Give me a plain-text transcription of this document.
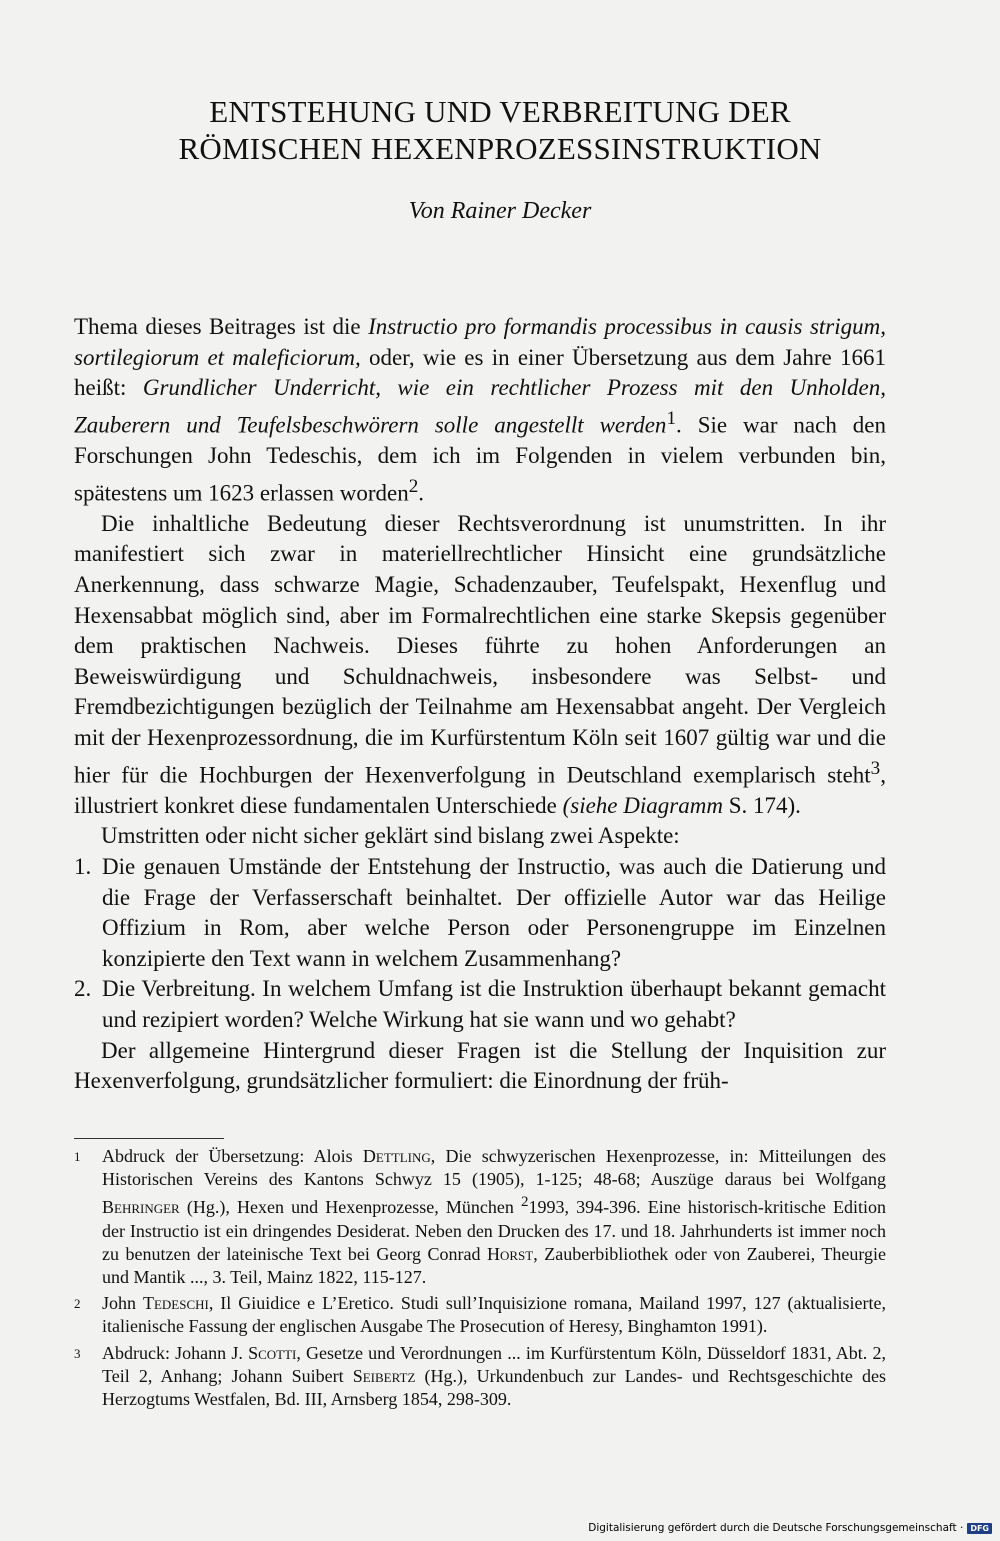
ENTSTEHUNG UND VERBREITUNG DER
RÖMISCHEN HEXENPROZESSINSTRUKTION
Von Rainer Decker

Thema dieses Beitrages ist die Instructio pro formandis processibus in causis strigum, sortilegiorum et maleficiorum, oder, wie es in einer Übersetzung aus dem Jahre 1661 heißt: Grundlicher Underricht, wie ein rechtlicher Prozess mit den Unholden, Zauberern und Teufelsbeschwörern solle angestellt werden$^1$. Sie war nach den Forschungen John Tedeschis, dem ich im Folgenden in vielem verbunden bin, spätestens um 1623 erlassen worden$^2$.

Die inhaltliche Bedeutung dieser Rechtsverordnung ist unumstritten. In ihr manifestiert sich zwar in materiellrechtlicher Hinsicht eine grundsätzliche Anerkennung, dass schwarze Magie, Schadenzauber, Teufelspakt, Hexenflug und Hexensabbat möglich sind, aber im Formalrechtlichen eine starke Skepsis gegenüber dem praktischen Nachweis. Dieses führte zu hohen Anforderungen an Beweiswürdigung und Schuldnachweis, insbesondere was Selbst- und Fremdbezichtigungen bezüglich der Teilnahme am Hexensabbat angeht. Der Vergleich mit der Hexenprozessordnung, die im Kurfürstentum Köln seit 1607 gültig war und die hier für die Hochburgen der Hexenverfolgung in Deutschland exemplarisch steht$^3$, illustriert konkret diese fundamentalen Unterschiede (siehe Diagramm S. 174).

Umstritten oder nicht sicher geklärt sind bislang zwei Aspekte:

1. Die genauen Umstände der Entstehung der Instructio, was auch die Datierung und die Frage der Verfasserschaft beinhaltet. Der offizielle Autor war das Heilige Offizium in Rom, aber welche Person oder Personengruppe im Einzelnen konzipierte den Text wann in welchem Zusammenhang?
2. Die Verbreitung. In welchem Umfang ist die Instruktion überhaupt bekannt gemacht und rezipiert worden? Welche Wirkung hat sie wann und wo gehabt?

Der allgemeine Hintergrund dieser Fragen ist die Stellung der Inquisition zur Hexenverfolgung, grundsätzlicher formuliert: die Einordnung der früh-

1 Abdruck der Übersetzung: Alois Dettling, Die schwyzerischen Hexenprozesse, in: Mitteilungen des Historischen Vereins des Kantons Schwyz 15 (1905), 1-125; 48-68; Auszüge daraus bei Wolfgang Behringer (Hg.), Hexen und Hexenprozesse, München $^2$1993, 394-396. Eine historisch-kritische Edition der Instructio ist ein dringendes Desiderat. Neben den Drucken des 17. und 18. Jahrhunderts ist immer noch zu benutzen der lateinische Text bei Georg Conrad Horst, Zauberbibliothek oder von Zauberei, Theurgie und Mantik ..., 3. Teil, Mainz 1822, 115-127.
2 John Tedeschi, Il Giuidice e L’Eretico. Studi sull’Inquisizione romana, Mailand 1997, 127 (aktualisierte, italienische Fassung der englischen Ausgabe The Prosecution of Heresy, Binghamton 1991).
3 Abdruck: Johann J. Scotti, Gesetze und Verordnungen ... im Kurfürstentum Köln, Düsseldorf 1831, Abt. 2, Teil 2, Anhang; Johann Suibert Seibertz (Hg.), Urkundenbuch zur Landes- und Rechtsgeschichte des Herzogtums Westfalen, Bd. III, Arnsberg 1854, 298-309.
Digitalisierung gefördert durch die Deutsche Forschungsgemeinschaft · DFG
